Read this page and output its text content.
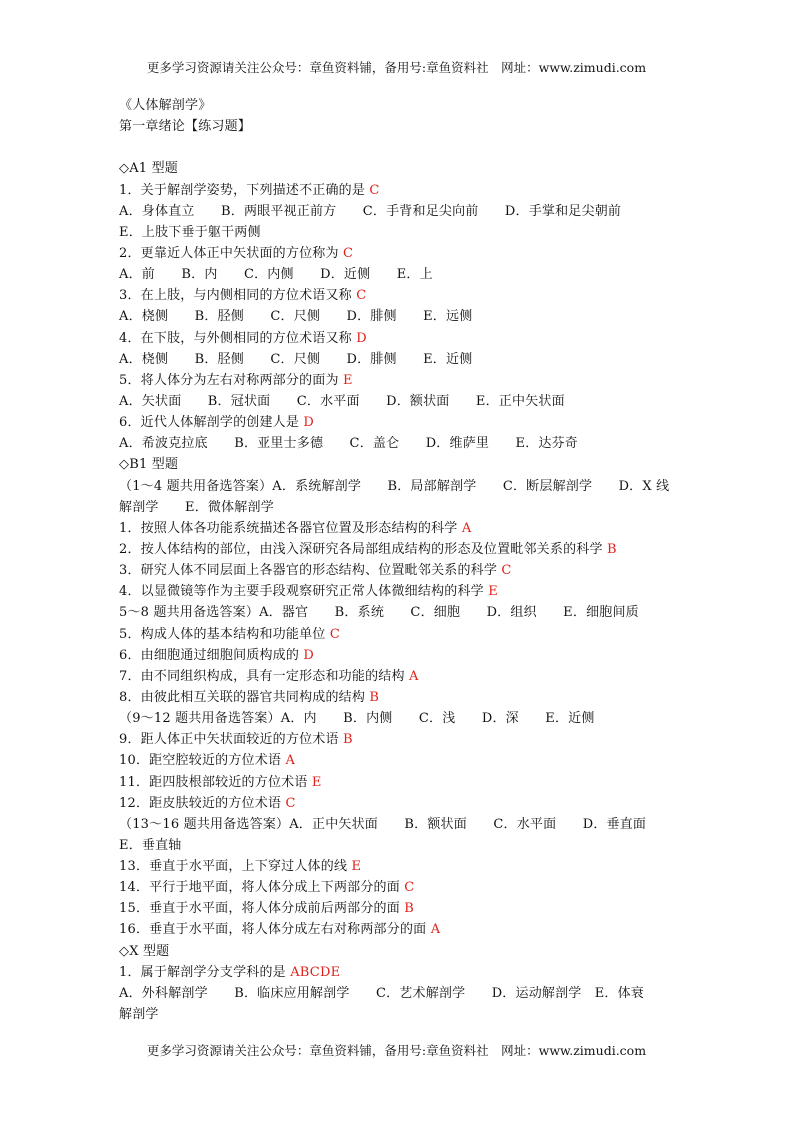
更多学习资源请关注公众号：章鱼资料铺，备用号:章鱼资料社　网址：www.zimudi.com
《人体解剖学》
第一章绪论【练习题】
◇A1 型题
1．关于解剖学姿势，下列描述不正确的是 C
A．身体直立　　B．两眼平视正前方　　C．手背和足尖向前　　D．手掌和足尖朝前
E．上肢下垂于躯干两侧
2．更靠近人体正中矢状面的方位称为 C
A．前　　B．内　　C．内侧　　D．近侧　　E．上
3．在上肢，与内侧相同的方位术语又称 C
A．桡侧　　B．胫侧　　C．尺侧　　D．腓侧　　E．远侧
4．在下肢，与外侧相同的方位术语又称 D
A．桡侧　　B．胫侧　　C．尺侧　　D．腓侧　　E．近侧
5．将人体分为左右对称两部分的面为 E
A．矢状面　　B．冠状面　　C．水平面　　D．额状面　　E．正中矢状面
6．近代人体解剖学的创建人是 D
A．希波克拉底　　B．亚里士多德　　C．盖仑　　D．维萨里　　E．达芬奇
◇B1 型题
（1～4 题共用备选答案）A．系统解剖学　　B．局部解剖学　　C．断层解剖学　　D．X 线
解剖学　　E．微体解剖学
1．按照人体各功能系统描述各器官位置及形态结构的科学 A
2．按人体结构的部位，由浅入深研究各局部组成结构的形态及位置毗邻关系的科学 B
3．研究人体不同层面上各器官的形态结构、位置毗邻关系的科学 C
4．以显微镜等作为主要手段观察研究正常人体微细结构的科学 E
5～8 题共用备选答案）A．器官　　B．系统　　C．细胞　　D．组织　　E．细胞间质
5．构成人体的基本结构和功能单位 C
6．由细胞通过细胞间质构成的 D
7．由不同组织构成，具有一定形态和功能的结构 A
8．由彼此相互关联的器官共同构成的结构 B
（9～12 题共用备选答案）A．内　　B．内侧　　C．浅　　D．深　　E．近侧
9．距人体正中矢状面较近的方位术语 B
10．距空腔较近的方位术语 A
11．距四肢根部较近的方位术语 E
12．距皮肤较近的方位术语 C
（13～16 题共用备选答案）A．正中矢状面　　B．额状面　　C．水平面　　D．垂直面
E．垂直轴
13．垂直于水平面，上下穿过人体的线 E
14．平行于地平面，将人体分成上下两部分的面 C
15．垂直于水平面，将人体分成前后两部分的面 B
16．垂直于水平面，将人体分成左右对称两部分的面 A
◇X 型题
1．属于解剖学分支学科的是 ABCDE
A．外科解剖学　　B．临床应用解剖学　　C．艺术解剖学　　D．运动解剖学　E．体衰
解剖学
更多学习资源请关注公众号：章鱼资料铺，备用号:章鱼资料社　网址：www.zimudi.com
